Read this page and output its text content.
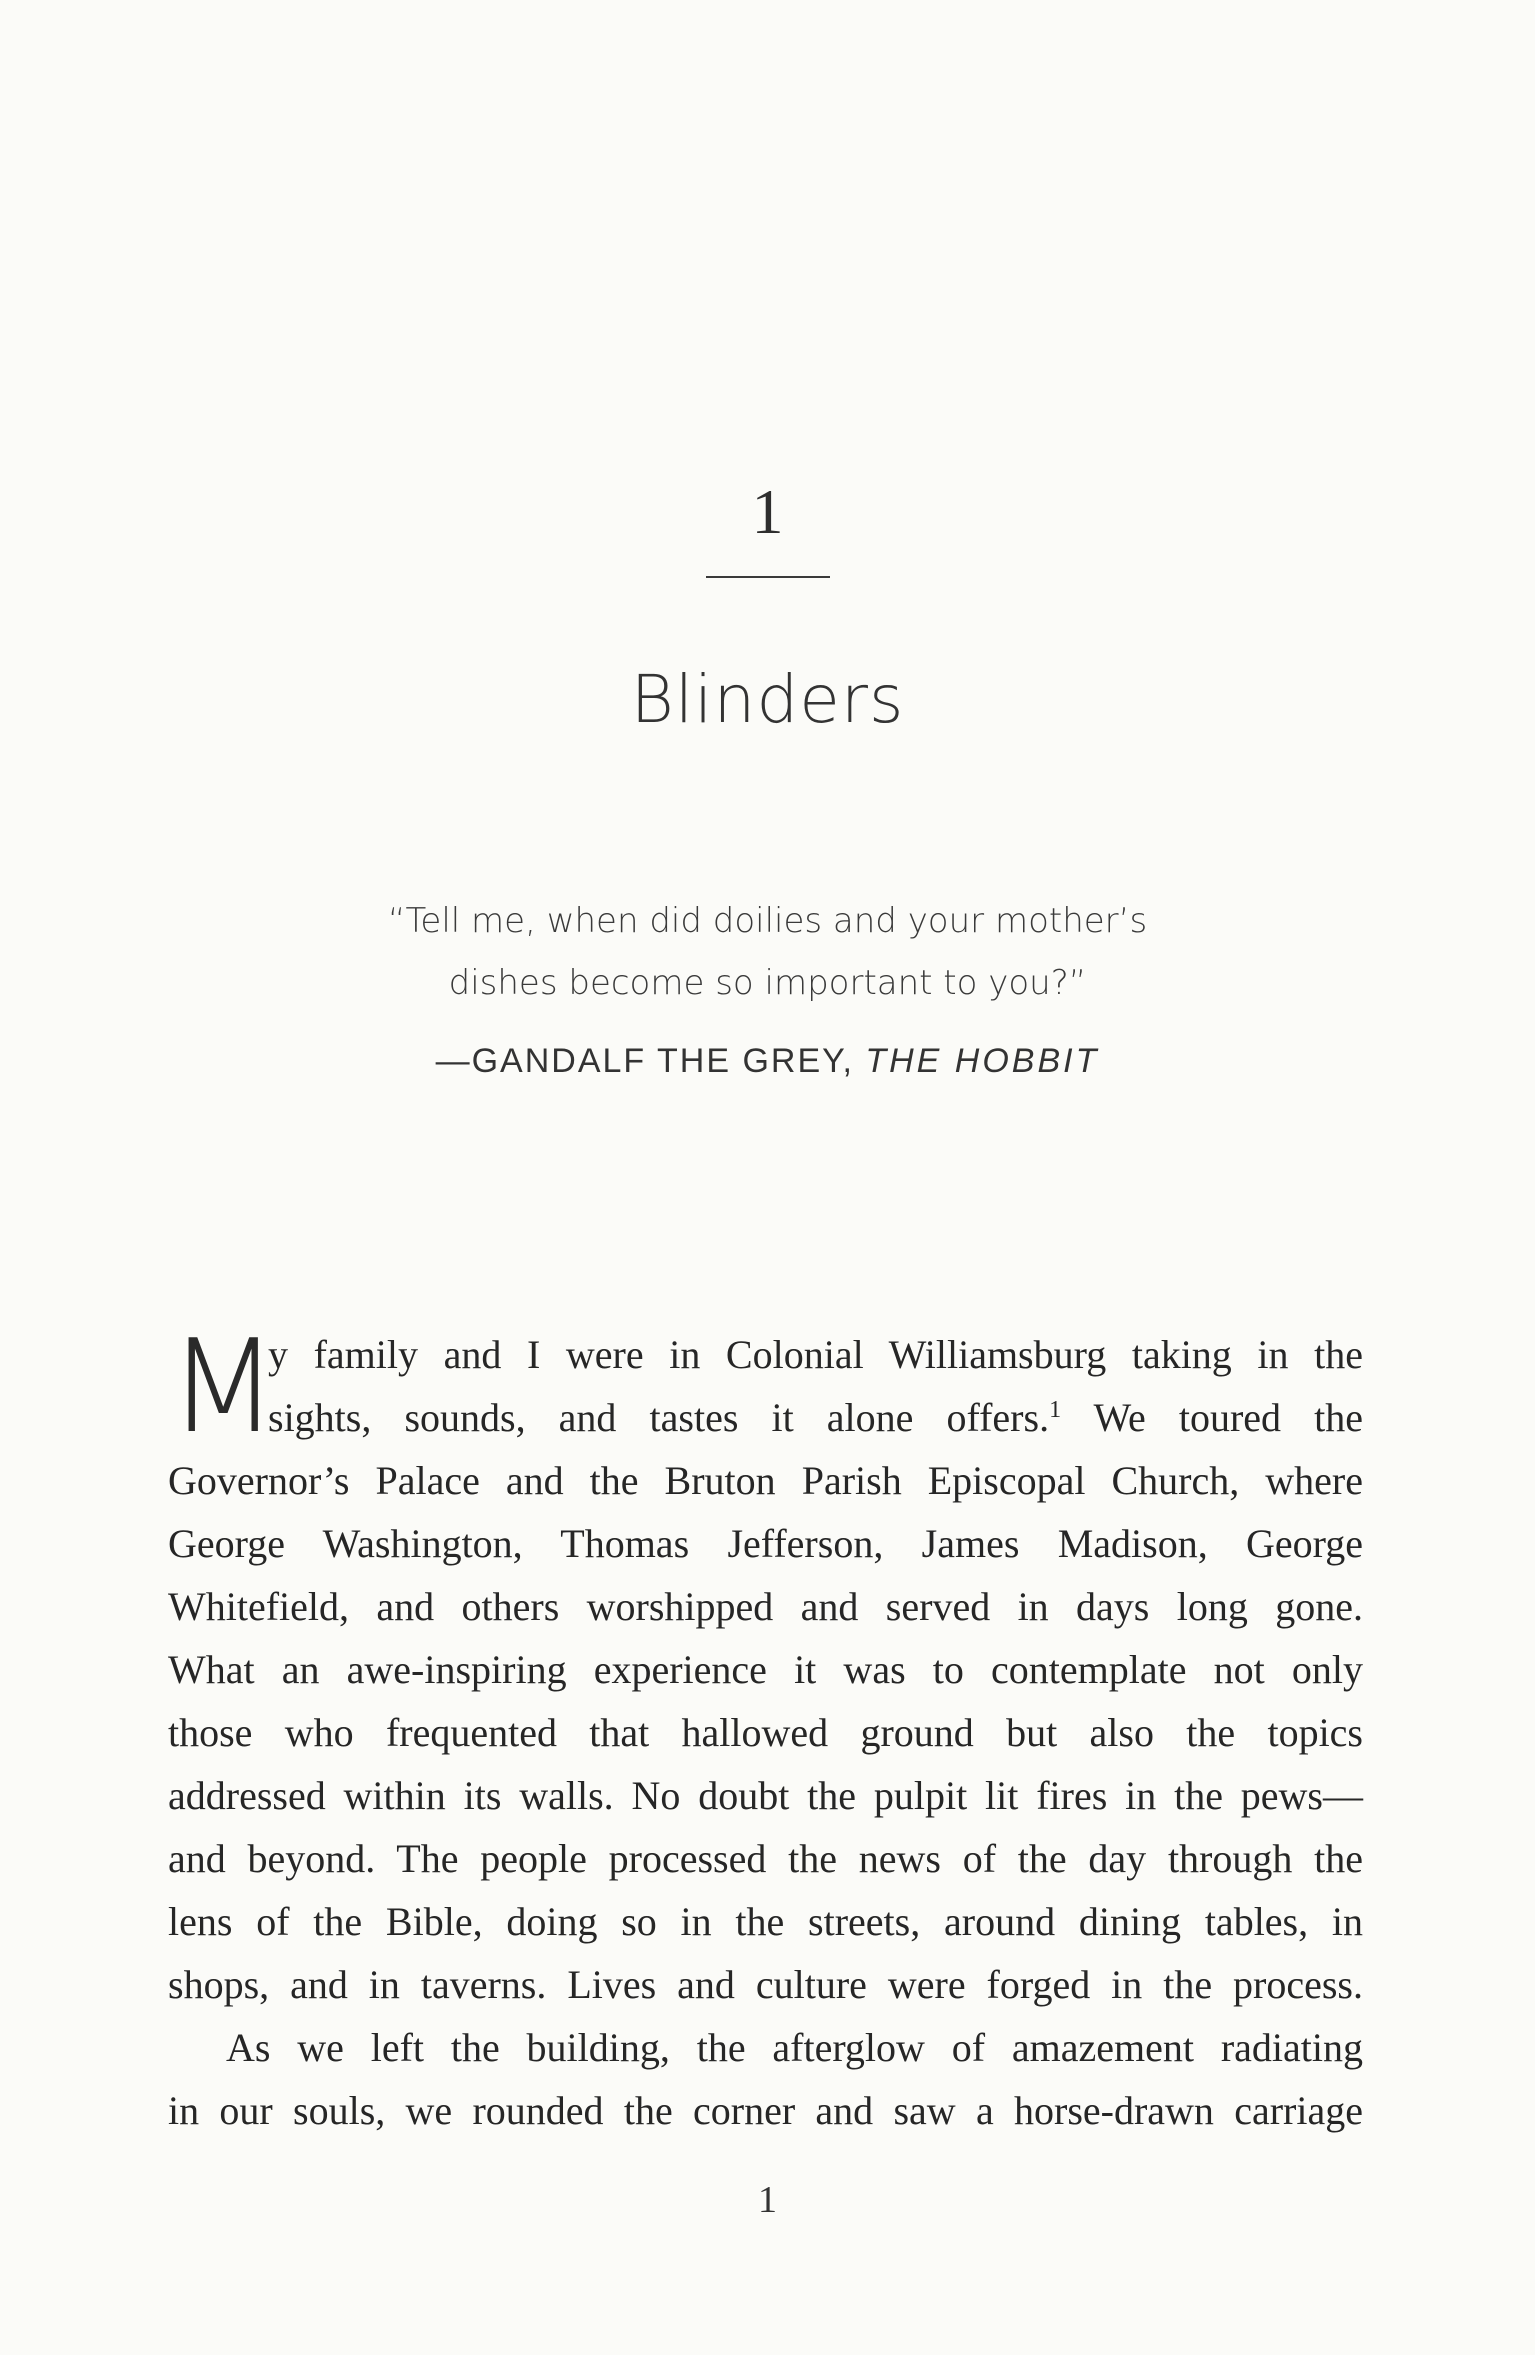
1
Blinders
“Tell me, when did doilies and your mother’s
dishes become so important to you?”
—GANDALF THE GREY, THE HOBBIT
M
y family and I were in Colonial Williamsburg taking in the
sights, sounds, and tastes it alone offers.$^1$ We toured the
Governor’s Palace and the Bruton Parish Episcopal Church, where
George Washington, Thomas Jefferson, James Madison, George
Whitefield, and others worshipped and served in days long gone.
What an awe-inspiring experience it was to contemplate not only
those who frequented that hallowed ground but also the topics
addressed within its walls. No doubt the pulpit lit fires in the pews—
and beyond. The people processed the news of the day through the
lens of the Bible, doing so in the streets, around dining tables, in
shops, and in taverns. Lives and culture were forged in the process.
As we left the building, the afterglow of amazement radiating
in our souls, we rounded the corner and saw a horse-drawn carriage
1
